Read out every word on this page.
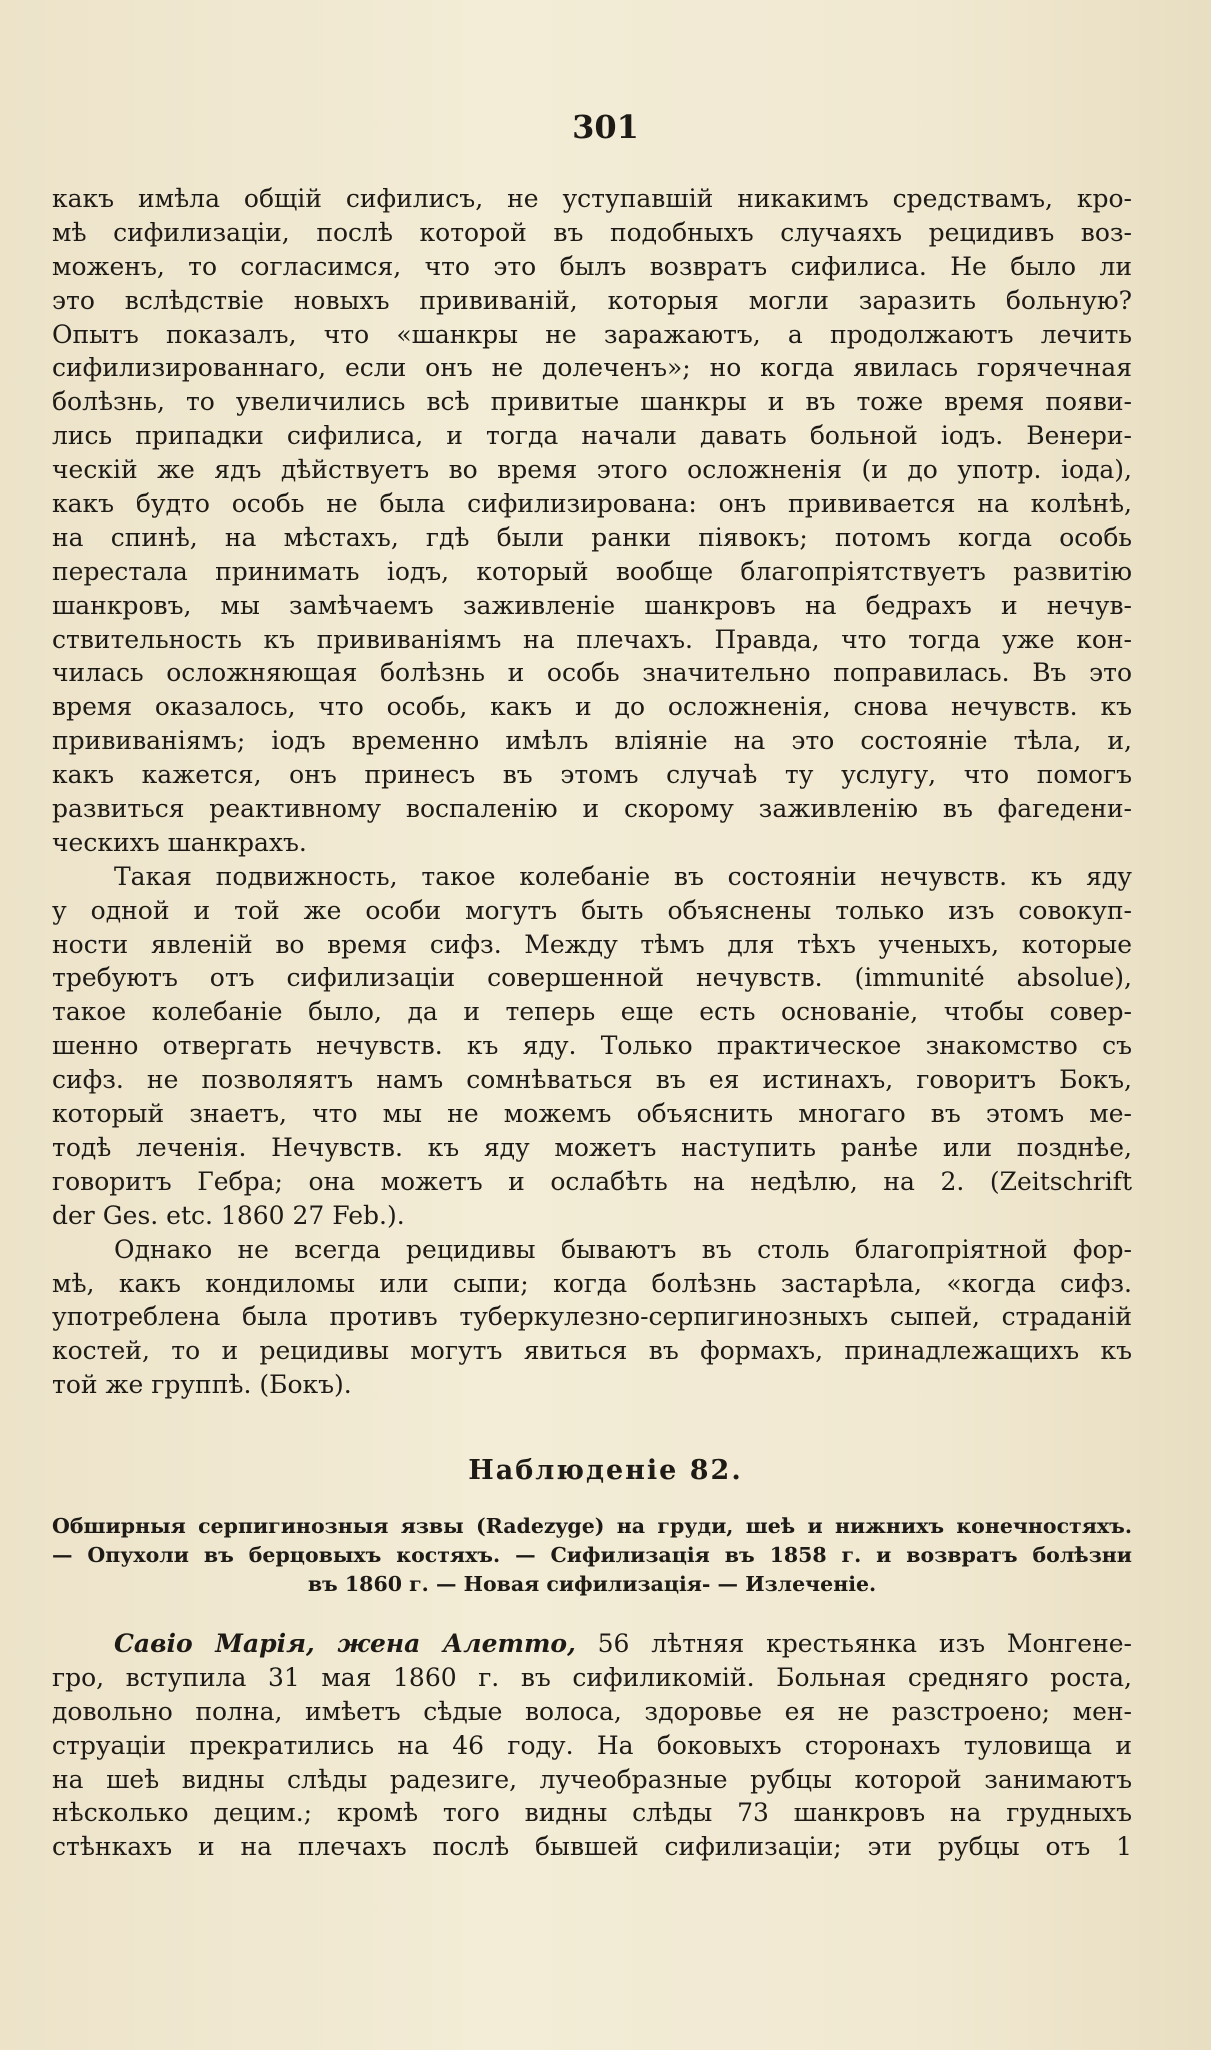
301
какъ имѣла общій сифилисъ, не уступавшій никакимъ средствамъ, кро-
мѣ сифилизаціи, послѣ которой въ подобныхъ случаяхъ рецидивъ воз-
моженъ, то согласимся, что это былъ возвратъ сифилиса. Не было ли
это вслѣдствіе новыхъ прививаній, которыя могли заразить больную?
Опытъ показалъ, что «шанкры не заражаютъ, а продолжаютъ лечить
сифилизированнаго, если онъ не долеченъ»; но когда явилась горячечная
болѣзнь, то увеличились всѣ привитые шанкры и въ тоже время появи-
лись припадки сифилиса, и тогда начали давать больной іодъ. Венери-
ческій же ядъ дѣйствуетъ во время этого осложненія (и до употр. іода),
какъ будто особь не была сифилизирована: онъ прививается на колѣнѣ,
на спинѣ, на мѣстахъ, гдѣ были ранки піявокъ; потомъ когда особь
перестала принимать іодъ, который вообще благопріятствуетъ развитію
шанкровъ, мы замѣчаемъ заживленіе шанкровъ на бедрахъ и нечув-
ствительность къ прививаніямъ на плечахъ. Правда, что тогда уже кон-
чилась осложняющая болѣзнь и особь значительно поправилась. Въ это
время оказалось, что особь, какъ и до осложненія, снова нечувств. къ
прививаніямъ; іодъ временно имѣлъ вліяніе на это состояніе тѣла, и,
какъ кажется, онъ принесъ въ этомъ случаѣ ту услугу, что помогъ
развиться реактивному воспаленію и скорому заживленію въ фагедени-
ческихъ шанкрахъ.
Такая подвижность, такое колебаніе въ состояніи нечувств. къ яду
у одной и той же особи могутъ быть объяснены только изъ совокуп-
ности явленій во время сифз. Между тѣмъ для тѣхъ ученыхъ, которые
требуютъ отъ сифилизаціи совершенной нечувств. (immunité absolue),
такое колебаніе было, да и теперь еще есть основаніе, чтобы совер-
шенно отвергать нечувств. къ яду. Только практическое знакомство съ
сифз. не позволяятъ намъ сомнѣваться въ ея истинахъ, говоритъ Бокъ,
который знаетъ, что мы не можемъ объяснить многаго въ этомъ ме-
тодѣ леченія. Нечувств. къ яду можетъ наступить ранѣе или позднѣе,
говоритъ Гебра; она можетъ и ослабѣть на недѣлю, на 2. (Zeitschrift
der Ges. etc. 1860 27 Feb.).
Однако не всегда рецидивы бываютъ въ столь благопріятной фор-
мѣ, какъ кондиломы или сыпи; когда болѣзнь застарѣла, «когда сифз.
употреблена была противъ туберкулезно-серпигинозныхъ сыпей, страданій
костей, то и рецидивы могутъ явиться въ формахъ, принадлежащихъ къ
той же группѣ. (Бокъ).
Наблюденіе 82.
Обширныя серпигинозныя язвы (Radezyge) на груди, шеѣ и нижнихъ конечностяхъ.
— Опухоли въ берцовыхъ костяхъ. — Сифилизація въ 1858 г. и возвратъ болѣзни
въ 1860 г. — Новая сифилизація- — Излеченіе.
Савіо Марія, жена Алетто, 56 лѣтняя крестьянка изъ Монгене-
гро, вступила 31 мая 1860 г. въ сифиликомій. Больная средняго роста,
довольно полна, имѣетъ сѣдые волоса, здоровье ея не разстроено; мен-
струаціи прекратились на 46 году. На боковыхъ сторонахъ туловища и
на шеѣ видны слѣды радезиге, лучеобразные рубцы которой занимаютъ
нѣсколько децим.; кромѣ того видны слѣды 73 шанкровъ на грудныхъ
стѣнкахъ и на плечахъ послѣ бывшей сифилизаціи; эти рубцы отъ 1
